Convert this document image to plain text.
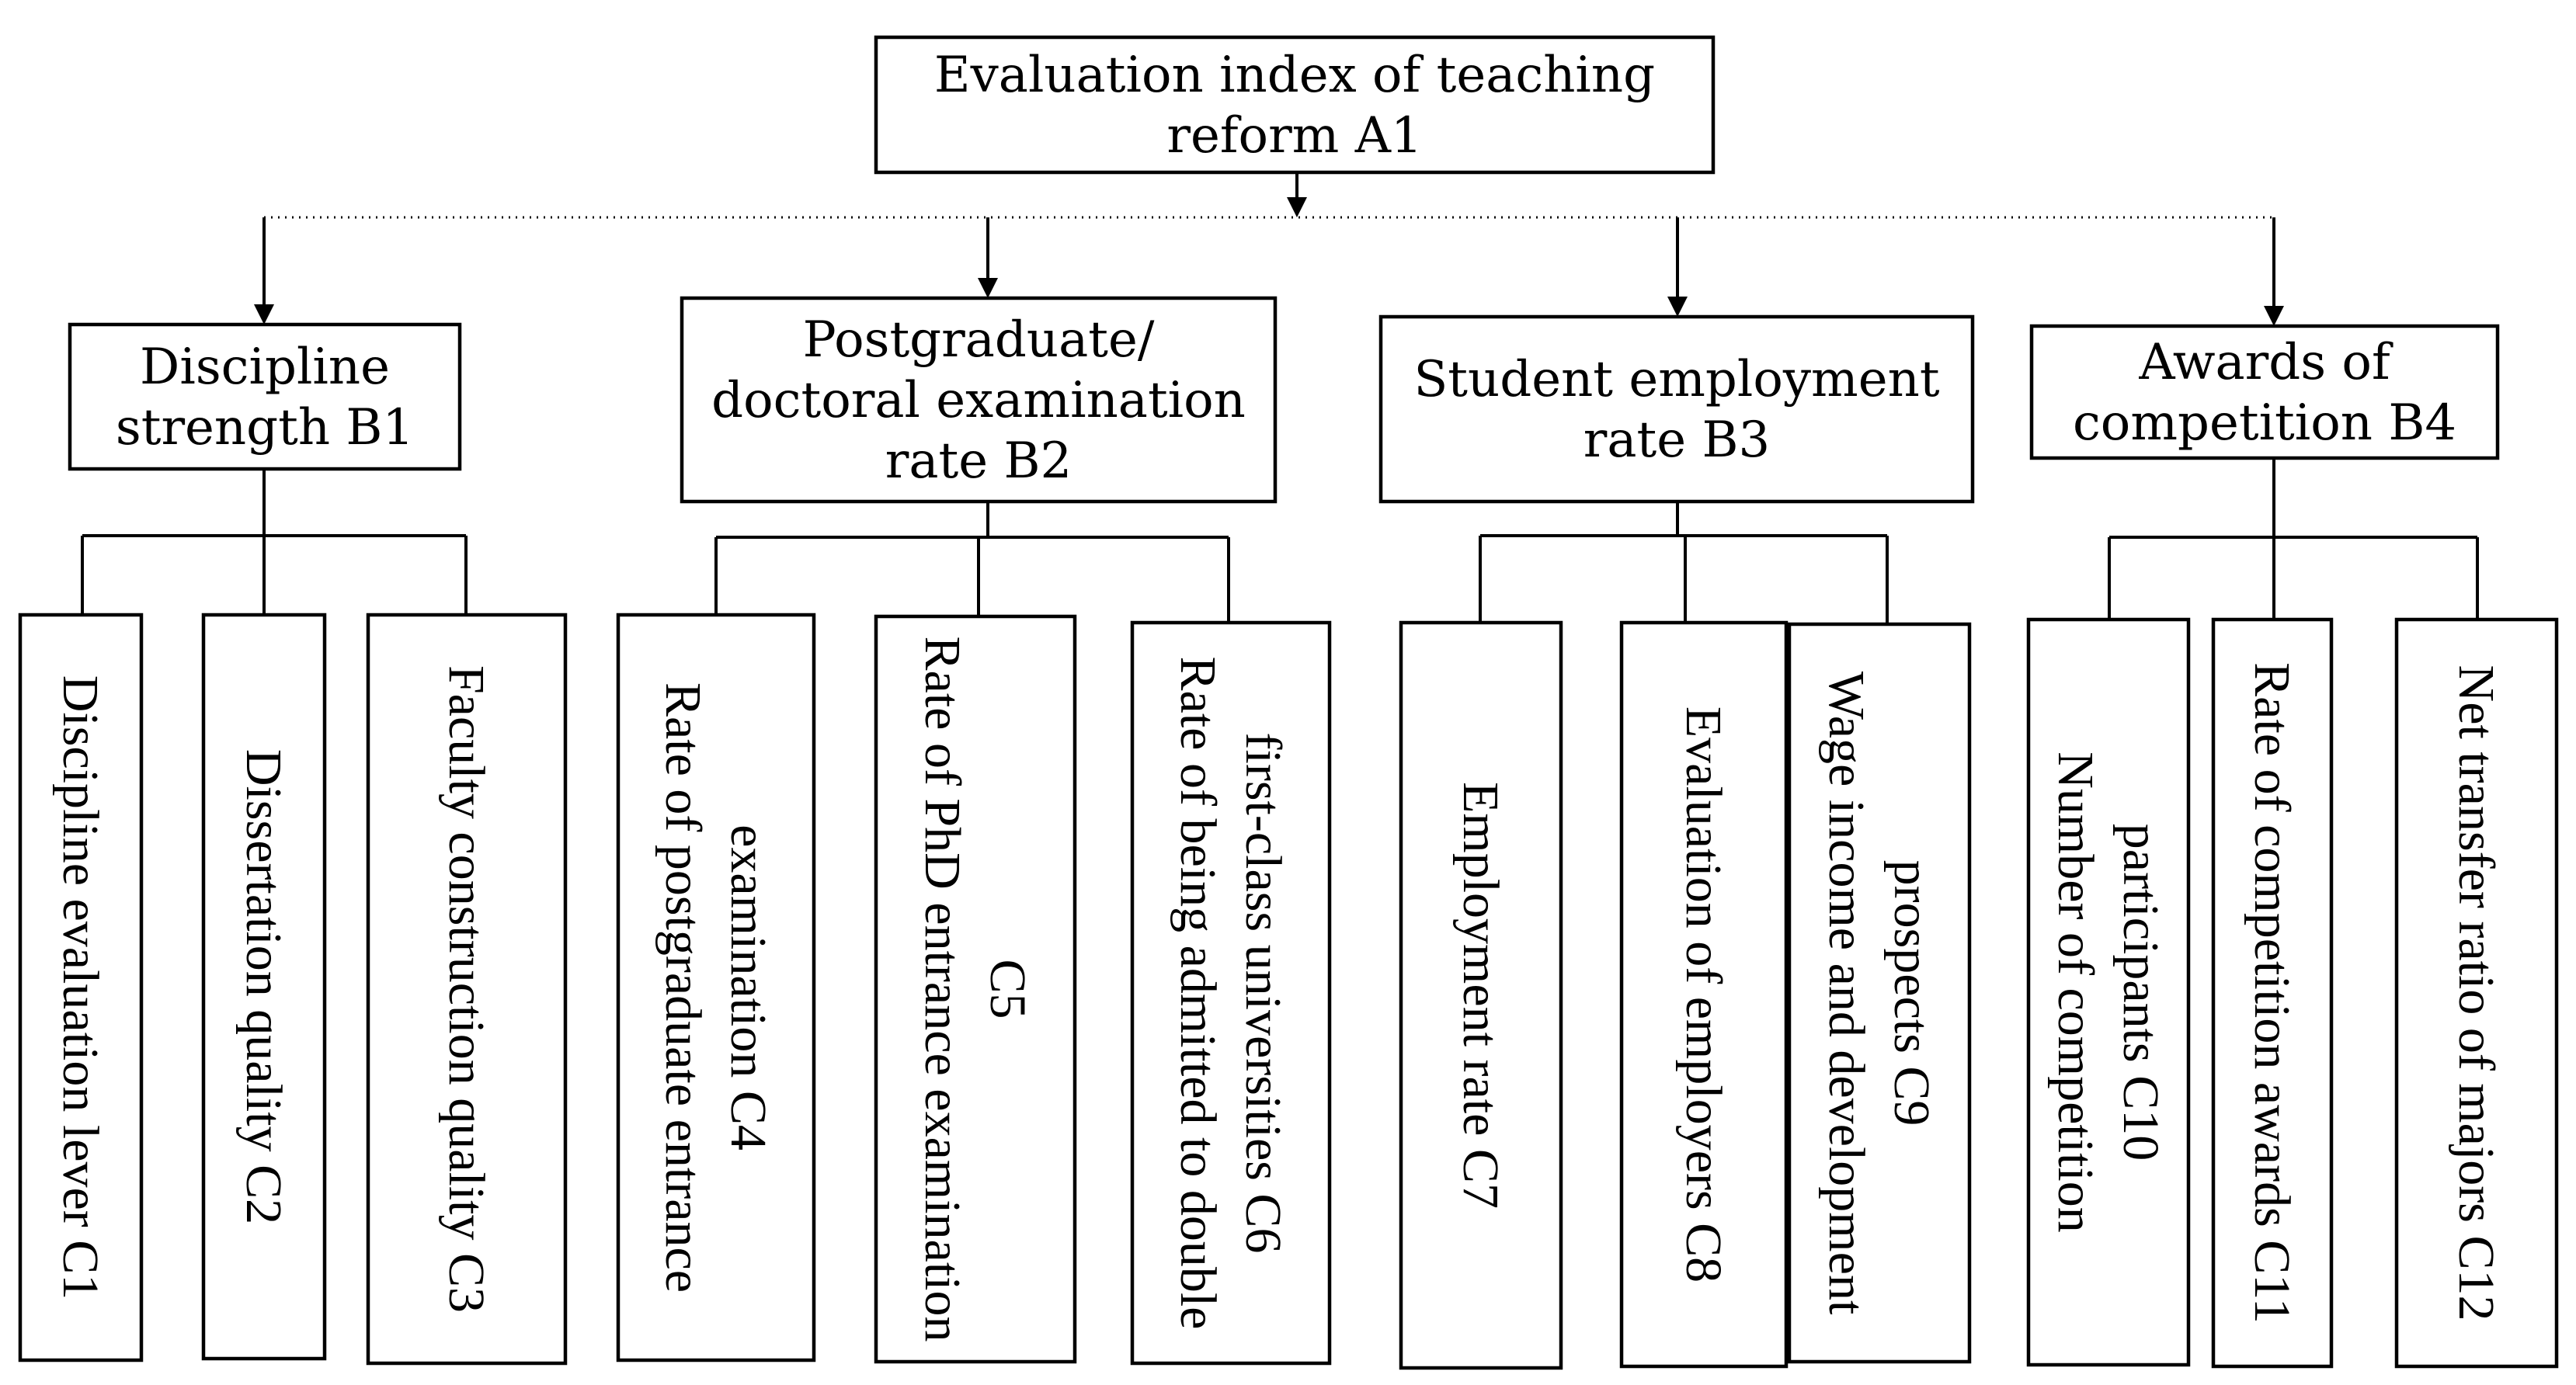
Evaluation index of teaching
reform A1
Discipline
strength B1
Discipline evaluation lever C1 Dissertation quality C2	Faculty construction quality C3
Postgraduate/
doctoral examination
rate B2
Rate of postgraduate entrance examination C4	Rate of PhD entrance examination C5	Rate of being admitted to double first-class universities C6
Student employment
rate B3
Employment rate C7	Evaluation of employers C8 Wage income and development prospects C9
Awards of
competition B4
Number of competition participants C10 Rate of competition awards C11	Net transfer ratio of majors C12
